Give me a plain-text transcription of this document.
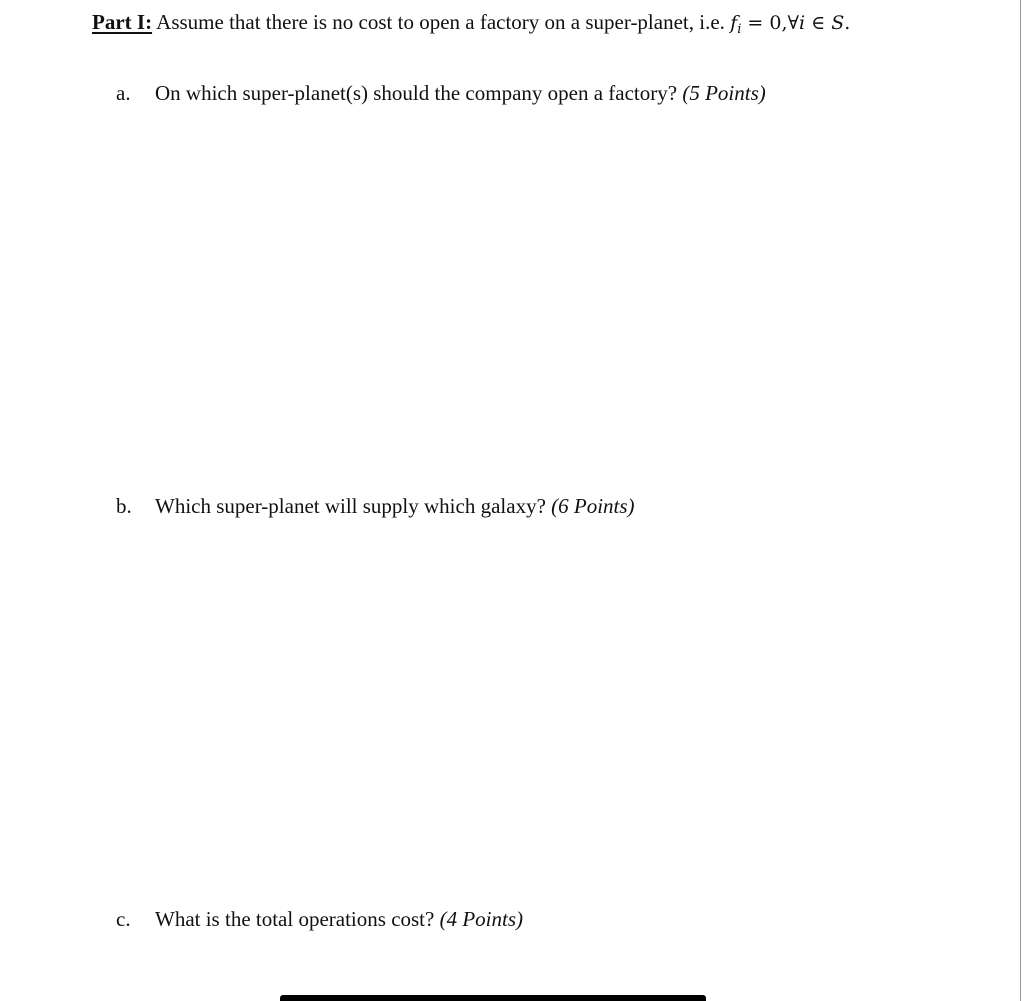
Part I: Assume that there is no cost to open a factory on a super-planet, i.e. $f_i$ = 0,∀i ∈ S.
a. On which super-planet(s) should the company open a factory? (5 Points)
b. Which super-planet will supply which galaxy? (6 Points)
c. What is the total operations cost? (4 Points)
